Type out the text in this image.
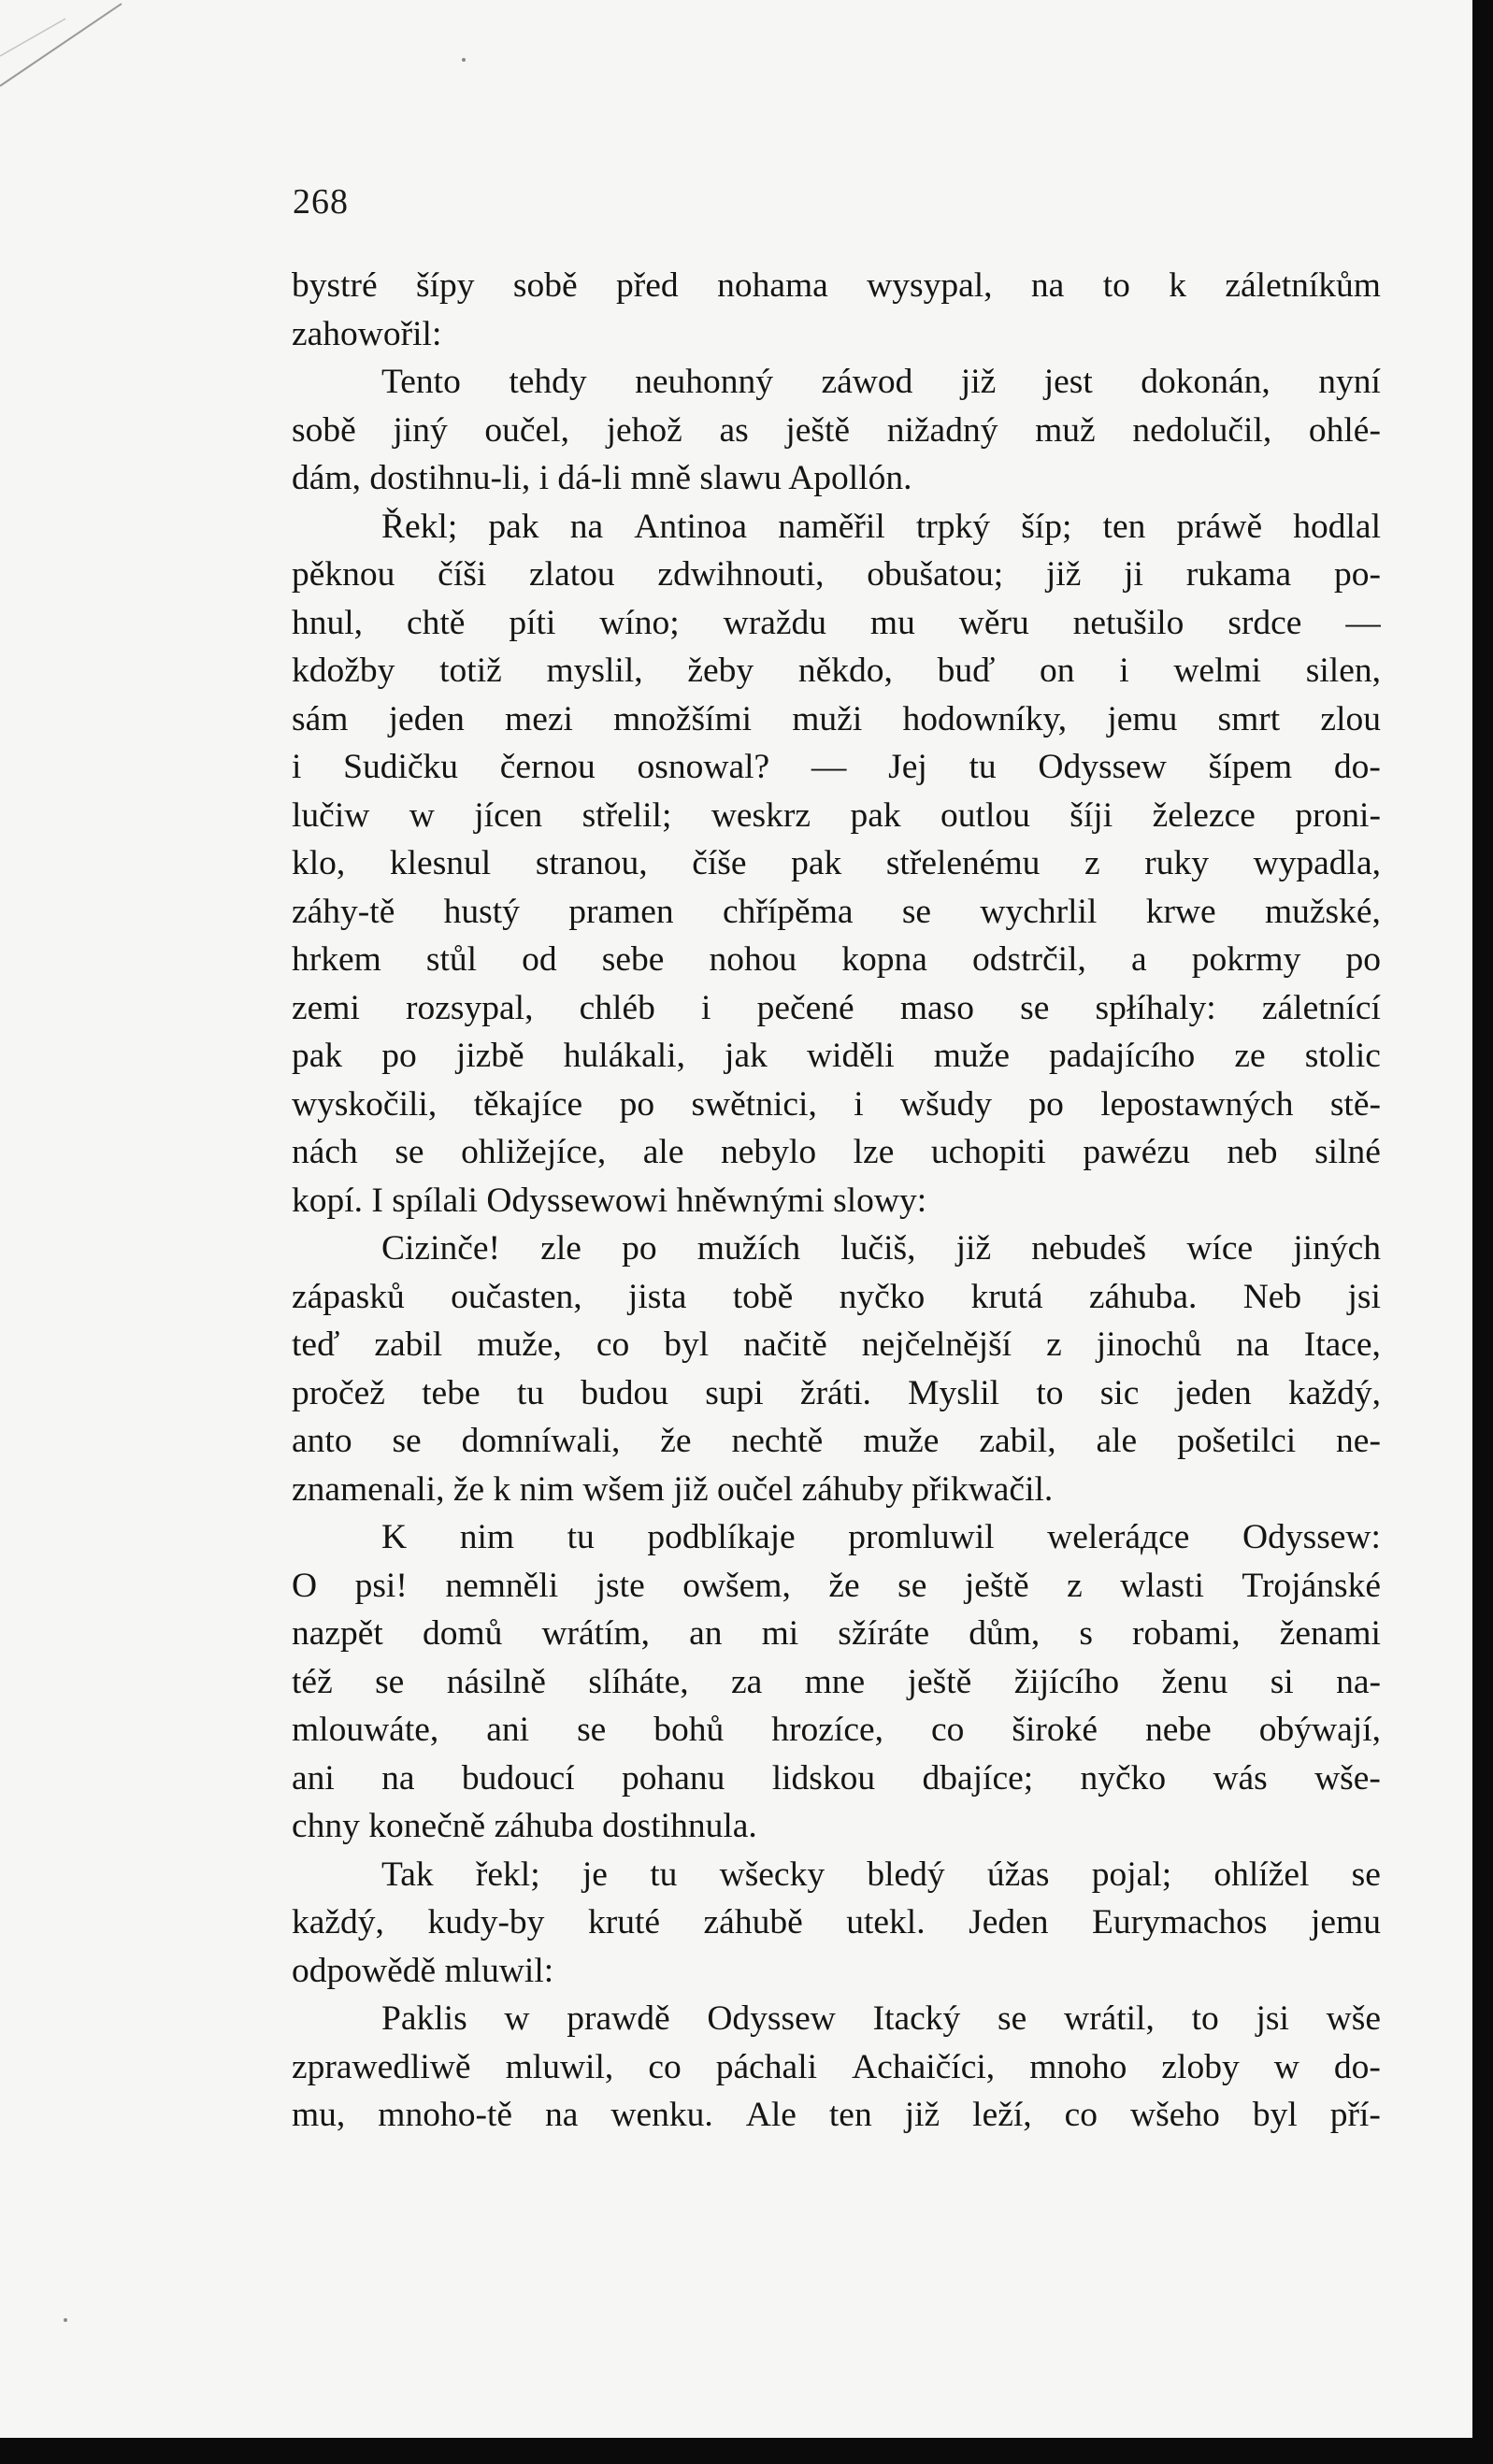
268
bystré šípy sobě před nohama wysypal, na to k záletníkům
zahowořil:
Tento tehdy neuhonný záwod již jest dokonán, nyní
sobě jiný oučel, jehož as ještě nižadný muž nedolučil, ohlé-
dám, dostihnu-li, i dá-li mně slawu Apollón.
Řekl; pak na Antinoa naměřil trpký šíp; ten práwě hodlal
pěknou číši zlatou zdwihnouti, obušatou; již ji rukama po-
hnul, chtě píti wíno; wraždu mu wěru netušilo srdce —
kdožby totiž myslil, žeby někdo, buď on i welmi silen,
sám jeden mezi množšími muži hodowníky, jemu smrt zlou
i Sudičku černou osnowal? — Jej tu Odyssew šípem do-
lučiw w jícen střelil; weskrz pak outlou šíji železce proni-
klo, klesnul stranou, číše pak střelenému z ruky wypadla,
záhy-tě hustý pramen chřípěma se wychrlil krwe mužské,
hrkem stůl od sebe nohou kopna odstrčil, a pokrmy po
zemi rozsypal, chléb i pečené maso se spłíhaly: záletnící
pak po jizbě hulákali, jak widěli muže padajícího ze stolic
wyskočili, těkajíce po swětnici, i wšudy po lepostawných stě-
nách se ohližejíce, ale nebylo lze uchopiti pawézu neb silné
kopí. I spílali Odyssewowi hněwnými slowy:
Cizinče! zle po mužích lučiš, již nebudeš wíce jiných
zápasků oučasten, jista tobě nyčko krutá záhuba. Neb jsi
teď zabil muže, co byl načitě nejčelnější z jinochů na Itace,
pročež tebe tu budou supi žráti. Myslil to sic jeden každý,
anto se domníwali, že nechtě muže zabil, ale pošetilci ne-
znamenali, že k nim wšem již oučel záhuby přikwačil.
K nim tu podblíkaje promluwil weleráдce Odyssew:
O psi! nemněli jste owšem, že se ještě z wlasti Trojánské
nazpět domů wrátím, an mi sžíráte dům, s robami, ženami
též se násilně slíháte, za mne ještě žijícího ženu si na-
mlouwáte, ani se bohů hrozíce, co široké nebe obýwají,
ani na budoucí pohanu lidskou dbajíce; nyčko wás wše-
chny konečně záhuba dostihnula.
Tak řekl; je tu wšecky bledý úžas pojal; ohlížel se
každý, kudy-by kruté záhubě utekl. Jeden Eurymachos jemu
odpowědě mluwil:
Paklis w prawdě Odyssew Itacký se wrátil, to jsi wše
zprawedliwě mluwil, co páchali Achaičíci, mnoho zloby w do-
mu, mnoho-tě na wenku. Ale ten již leží, co wšeho byl pří-
